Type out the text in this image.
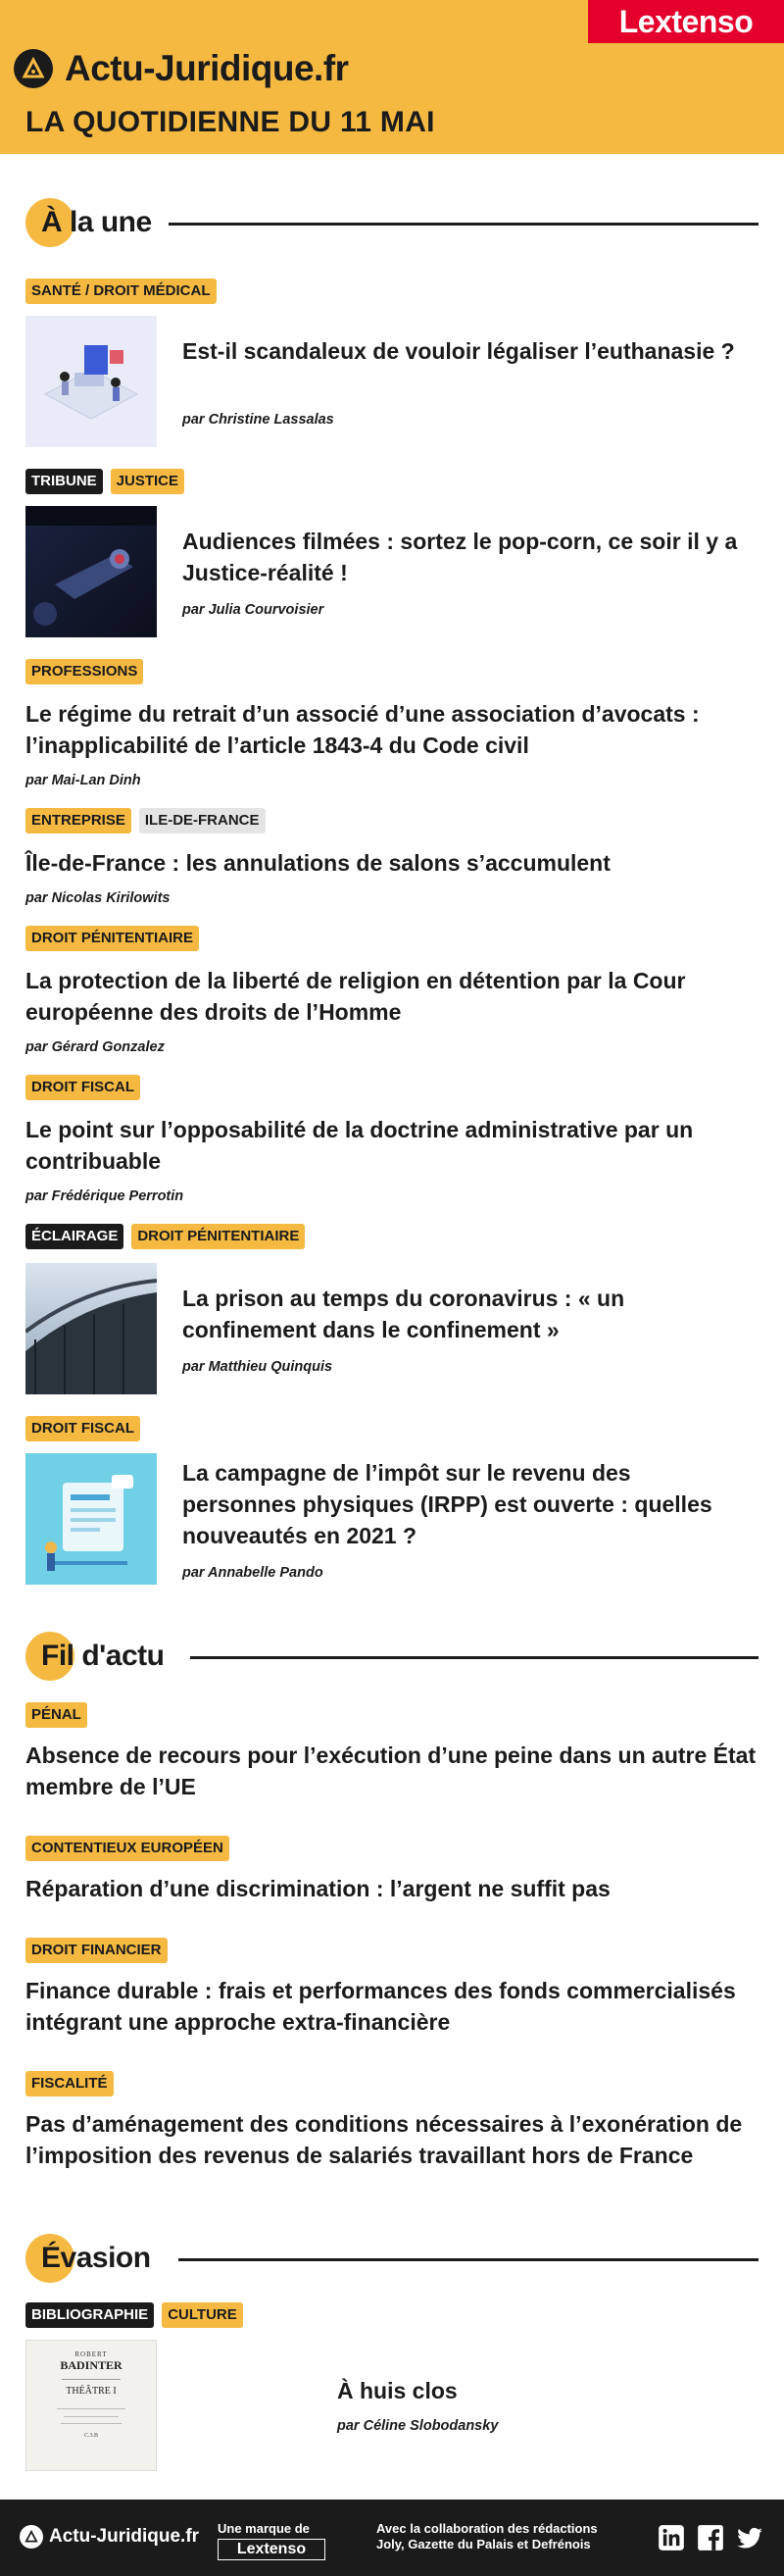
Lextenso
Actu-Juridique.fr
LA QUOTIDIENNE DU 11 MAI
À la une
SANTÉ / DROIT MÉDICAL
Est-il scandaleux de vouloir légaliser l’euthanasie ?
par Christine Lassalas
TRIBUNE	JUSTICE
Audiences filmées : sortez le pop-corn, ce soir il y a Justice-réalité !
par Julia Courvoisier
PROFESSIONS
Le régime du retrait d’un associé d’une association d’avocats : l’inapplicabilité de l’article 1843-4 du Code civil
par Mai-Lan Dinh
ENTREPRISE	ILE-DE-FRANCE
Île-de-France : les annulations de salons s’accumulent
par Nicolas Kirilowits
DROIT PÉNITENTIAIRE
La protection de la liberté de religion en détention par la Cour européenne des droits de l’Homme
par Gérard Gonzalez
DROIT FISCAL
Le point sur l’opposabilité de la doctrine administrative par un contribuable
par Frédérique Perrotin
ÉCLAIRAGE	DROIT PÉNITENTIAIRE
La prison au temps du coronavirus : « un confinement dans le confinement »
par Matthieu Quinquis
DROIT FISCAL
La campagne de l’impôt sur le revenu des personnes physiques (IRPP) est ouverte : quelles nouveautés en 2021 ?
par Annabelle Pando
Fil d'actu
PÉNAL
Absence de recours pour l’exécution d’une peine dans un autre État membre de l’UE
CONTENTIEUX EUROPÉEN
Réparation d’une discrimination : l’argent ne suffit pas
DROIT FINANCIER
Finance durable : frais et performances des fonds commercialisés intégrant une approche extra-financière
FISCALITÉ
Pas d’aménagement des conditions nécessaires à l’exonération de l’imposition des revenus de salariés travaillant hors de France
Évasion
BIBLIOGRAPHIE	CULTURE
ROBERT
BADINTER
THÉÂTRE I
C.3.B
À huis clos
par Céline Slobodansky
Actu-Juridique.fr Une marque de
Lextenso
Avec la collaboration des rédactions
Joly, Gazette du Palais et Defrénois
